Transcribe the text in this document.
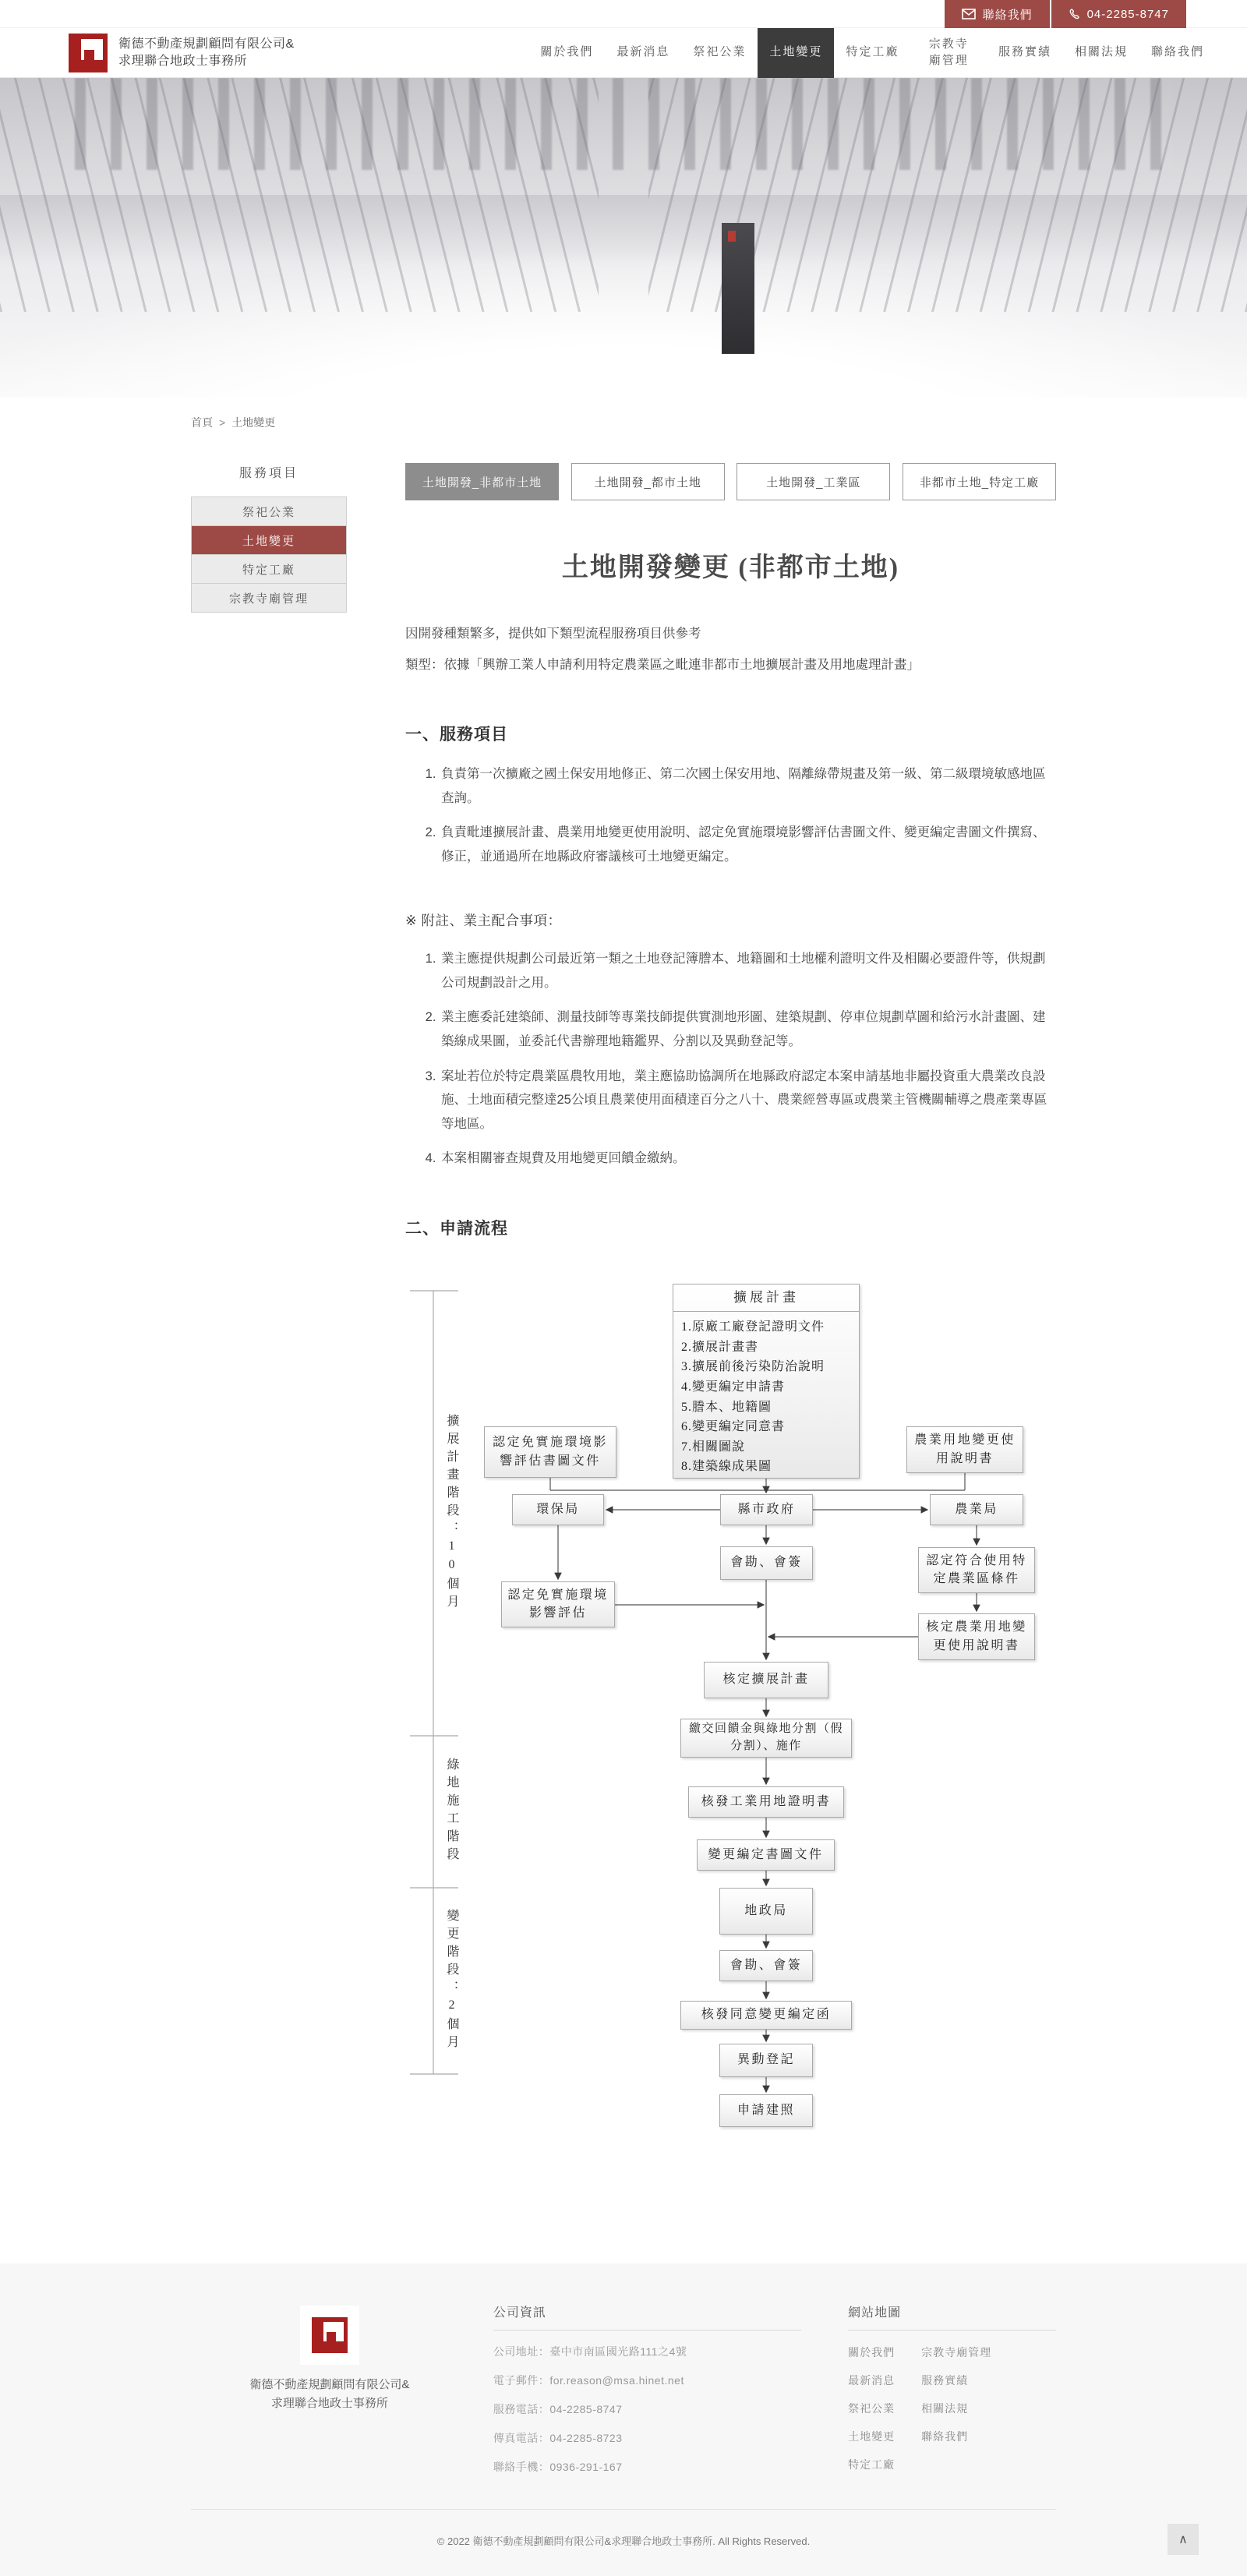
聯絡我們	04-2285-8747
衛德不動產規劃顧問有限公司&
求理聯合地政士事務所
關於我們 最新消息 祭祀公業 土地變更 特定工廠
宗教寺廟管理
服務實績 相關法規 聯絡我們
首頁 > 土地變更
服務項目
祭祀公業
土地變更
特定工廠
宗教寺廟管理
土地開發_非都市土地	土地開發_都市土地	土地開發_工業區	非都市土地_特定工廠
土地開發變更 (非都市土地)

因開發種類繁多，提供如下類型流程服務項目供參考

類型：依據「興辦工業人申請利用特定農業區之毗連非都市土地擴展計畫及用地處理計畫」

一、服務項目
1. 負責第一次擴廠之國土保安用地修正、第二次國土保安用地、隔離綠帶規畫及第一級、第二級環境敏感地區查詢。
2. 負責毗連擴展計畫、農業用地變更使用說明、認定免實施環境影響評估書圖文件、變更編定書圖文件撰寫、修正，並通過所在地縣政府審議核可土地變更編定。
※ 附註、業主配合事項：
1. 業主應提供規劃公司最近第一類之土地登記簿謄本、地籍圖和土地權利證明文件及相關必要證件等，供規劃公司規劃設計之用。
2. 業主應委託建築師、測量技師等專業技師提供實測地形圖、建築規劃、停車位規劃草圖和給污水計畫圖、建築線成果圖，並委託代書辦理地籍鑑界、分割以及異動登記等。
3. 案址若位於特定農業區農牧用地，業主應協助協調所在地縣政府認定本案申請基地非屬投資重大農業改良設施、土地面積完整達25公頃且農業使用面積達百分之八十、農業經營專區或農業主管機關輔導之農產業專區 等地區。
4. 本案相關審查規費及用地變更回饋金繳納。
二、申請流程
擴展計畫階段：10個月
綠地施工階段
變更階段：2個月
擴展計畫
1.原廠工廠登記證明文件
2.擴展計畫書
3.擴展前後污染防治說明
4.變更編定申請書
5.謄本、地籍圖
6.變更編定同意書
7.相關圖說
8.建築線成果圖
認定免實施環境影響評估書圖文件
農業用地變更使用說明書
環保局	縣市政府	農業局
會勘、會簽
認定免實施環境影響評估
認定符合使用特定農業區條件
核定農業用地變更使用說明書
核定擴展計畫
繳交回饋金與綠地分割（假分割）、施作
核發工業用地證明書
變更編定書圖文件
地政局
會勘、會簽
核發同意變更編定函
異動登記
申請建照
衛德不動產規劃顧問有限公司&
求理聯合地政士事務所
公司資訊
公司地址：臺中市南區國光路111之4號
電子郵件：for.reason@msa.hinet.net
服務電話：04-2285-8747
傳真電話：04-2285-8723
聯絡手機：0936-291-167
網站地圖
關於我們
最新消息
祭祀公業
土地變更
特定工廠
宗教寺廟管理
服務實績
相關法規
聯絡我們
© 2022 衛德不動產規劃顧問有限公司&求理聯合地政士事務所. All Rights Reserved.	∧
